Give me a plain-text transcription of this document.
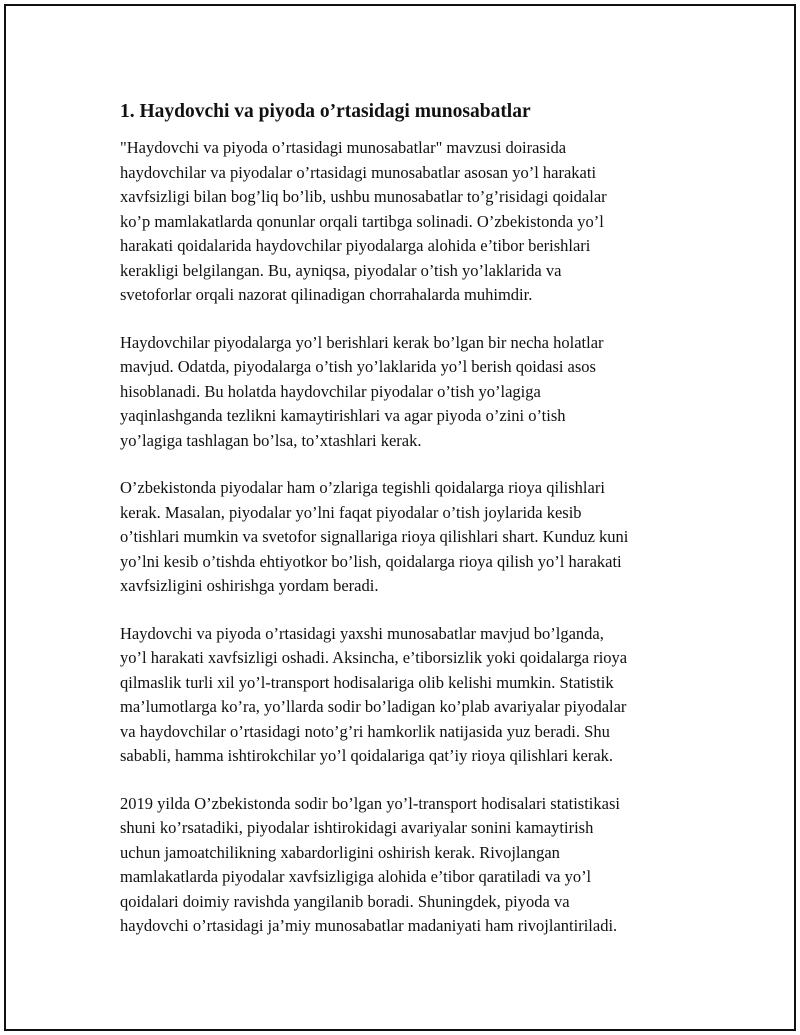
1. Haydovchi va piyoda o’rtasidagi munosabatlar

"Haydovchi va piyoda o’rtasidagi munosabatlar" mavzusi doirasida
haydovchilar va piyodalar o’rtasidagi munosabatlar asosan yo’l harakati
xavfsizligi bilan bog’liq bo’lib, ushbu munosabatlar to’g’risidagi qoidalar
ko’p mamlakatlarda qonunlar orqali tartibga solinadi. O’zbekistonda yo’l
harakati qoidalarida haydovchilar piyodalarga alohida e’tibor berishlari
kerakligi belgilangan. Bu, ayniqsa, piyodalar o’tish yo’laklarida va
svetoforlar orqali nazorat qilinadigan chorrahalarda muhimdir.

Haydovchilar piyodalarga yo’l berishlari kerak bo’lgan bir necha holatlar
mavjud. Odatda, piyodalarga o’tish yo’laklarida yo’l berish qoidasi asos
hisoblanadi. Bu holatda haydovchilar piyodalar o’tish yo’lagiga
yaqinlashganda tezlikni kamaytirishlari va agar piyoda o’zini o’tish
yo’lagiga tashlagan bo’lsa, to’xtashlari kerak.

O’zbekistonda piyodalar ham o’zlariga tegishli qoidalarga rioya qilishlari
kerak. Masalan, piyodalar yo’lni faqat piyodalar o’tish joylarida kesib
o’tishlari mumkin va svetofor signallariga rioya qilishlari shart. Kunduz kuni
yo’lni kesib o’tishda ehtiyotkor bo’lish, qoidalarga rioya qilish yo’l harakati
xavfsizligini oshirishga yordam beradi.

Haydovchi va piyoda o’rtasidagi yaxshi munosabatlar mavjud bo’lganda,
yo’l harakati xavfsizligi oshadi. Aksincha, e’tiborsizlik yoki qoidalarga rioya
qilmaslik turli xil yo’l-transport hodisalariga olib kelishi mumkin. Statistik
ma’lumotlarga ko’ra, yo’llarda sodir bo’ladigan ko’plab avariyalar piyodalar
va haydovchilar o’rtasidagi noto’g’ri hamkorlik natijasida yuz beradi. Shu
sababli, hamma ishtirokchilar yo’l qoidalariga qat’iy rioya qilishlari kerak.

2019 yilda O’zbekistonda sodir bo’lgan yo’l-transport hodisalari statistikasi
shuni ko’rsatadiki, piyodalar ishtirokidagi avariyalar sonini kamaytirish
uchun jamoatchilikning xabardorligini oshirish kerak. Rivojlangan
mamlakatlarda piyodalar xavfsizligiga alohida e’tibor qaratiladi va yo’l
qoidalari doimiy ravishda yangilanib boradi. Shuningdek, piyoda va
haydovchi o’rtasidagi ja’miy munosabatlar madaniyati ham rivojlantiriladi.
